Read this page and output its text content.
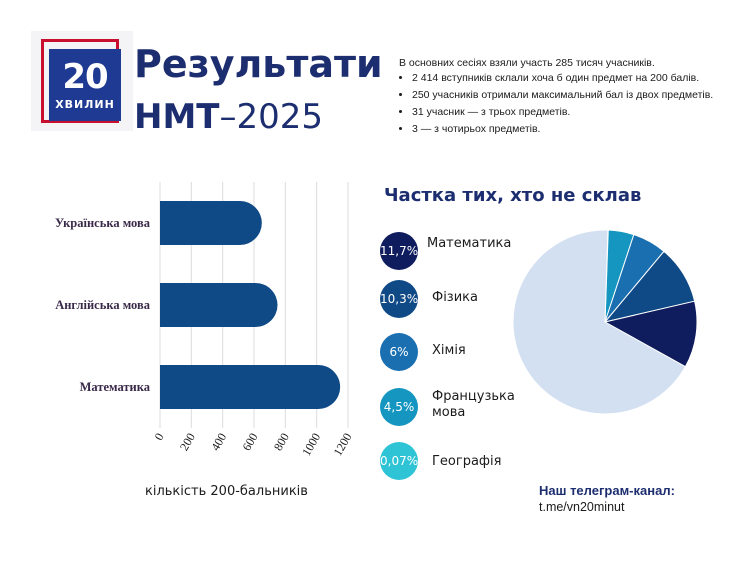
20
ХВИЛИН
Результати
НМТ–2025

В основних сесіях взяли участь 285 тисяч учасників.

• 2 414 вступників склали хоча б один предмет на 200 балів.
• 250 учасників отримали максимальний бал із двох предметів.
• 31 учасник — з трьох предметів.
• 3 — з чотирьох предметів.
Українська мова
Англійська мова
Математика
0 200 400 600 800 1000 1200
кількість 200-бальників
Частка тих, хто не склав
11,7% Математика
10,3% Фізика
6%	Хімія
4,5%
Французька мова
0,07% Географія
Наш телеграм-канал:
t.me/vn20minut
